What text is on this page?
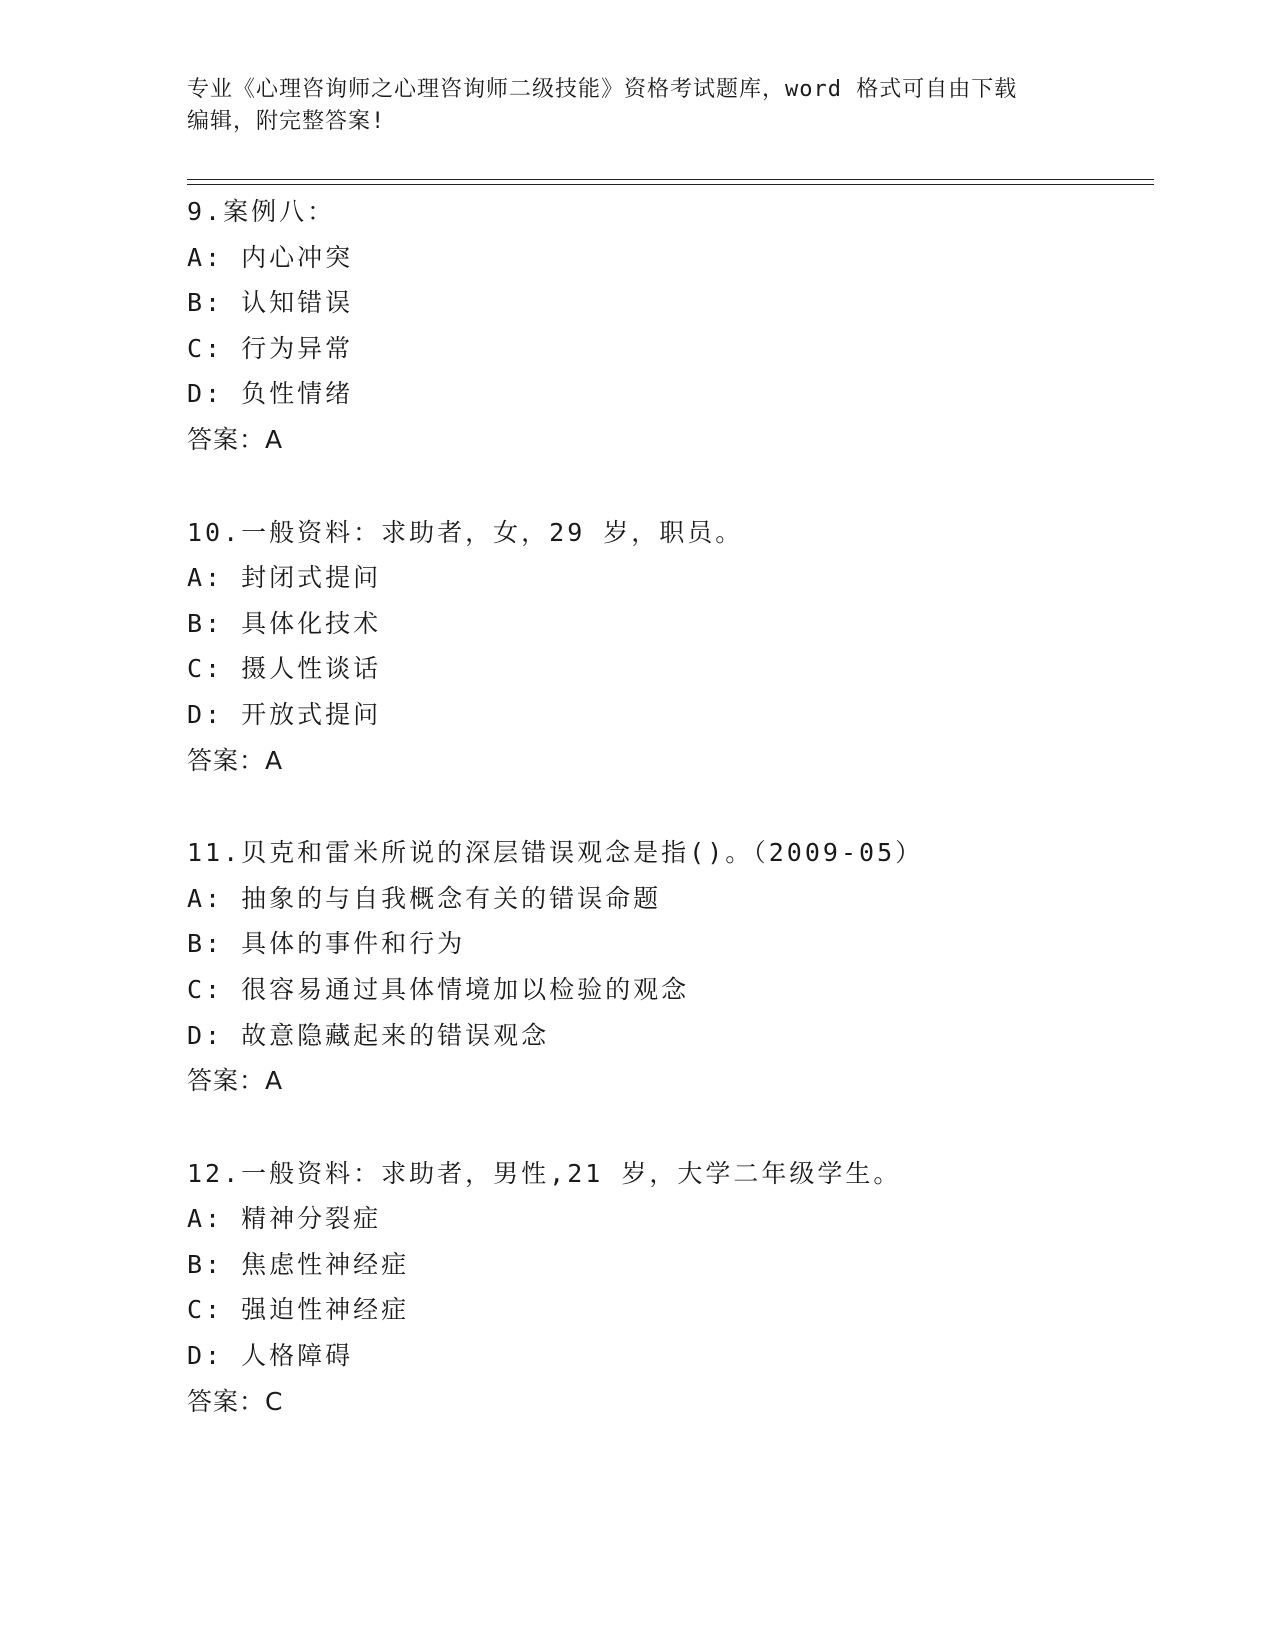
专业《心理咨询师之心理咨询师二级技能》资格考试题库，word 格式可自由下载
编辑，附完整答案!
9.案例八：
A: 内心冲突
B: 认知错误
C: 行为异常
D: 负性情绪
答案：A
10.一般资料：求助者，女，29 岁，职员。
A: 封闭式提问
B: 具体化技术
C: 摄人性谈话
D: 开放式提问
答案：A
11.贝克和雷米所说的深层错误观念是指()。（2009-05）
A: 抽象的与自我概念有关的错误命题
B: 具体的事件和行为
C: 很容易通过具体情境加以检验的观念
D: 故意隐藏起来的错误观念
答案：A
12.一般资料：求助者，男性,21 岁，大学二年级学生。
A: 精神分裂症
B: 焦虑性神经症
C: 强迫性神经症
D: 人格障碍
答案：C
